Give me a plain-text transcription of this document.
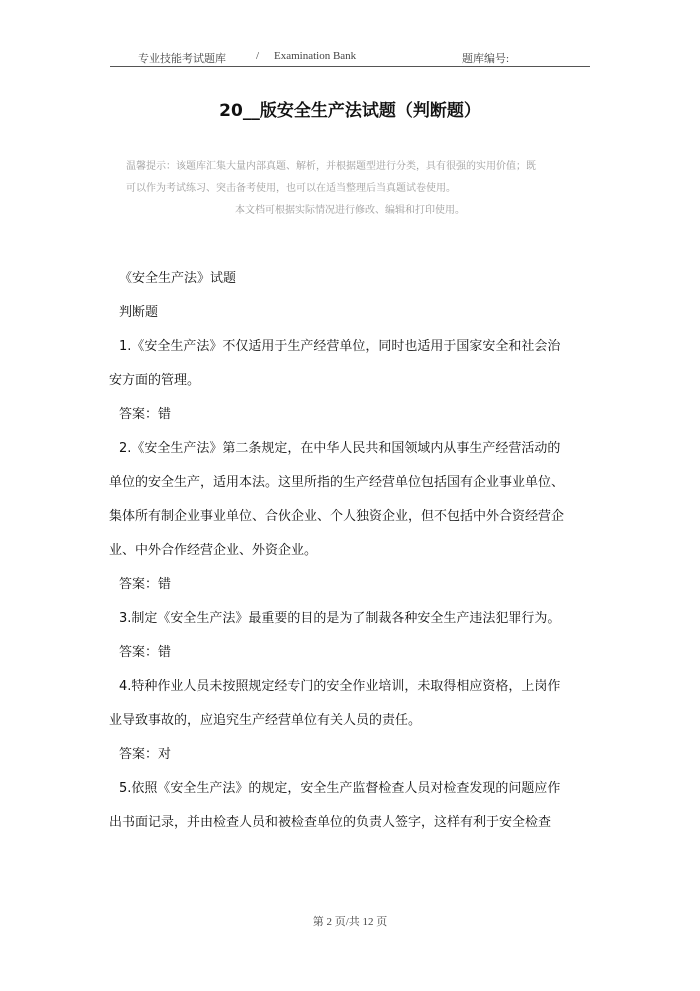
专业技能考试题库	/ Examination Bank	题库编号:
20__版安全生产法试题（判断题）

温馨提示：该题库汇集大量内部真题、解析，并根据题型进行分类，具有很强的实用价值；既

可以作为考试练习、突击备考使用，也可以在适当整理后当真题试卷使用。

本文档可根据实际情况进行修改、编辑和打印使用。

《安全生产法》试题

判断题

1.《安全生产法》不仅适用于生产经营单位，同时也适用于国家安全和社会治

安方面的管理。

答案：错

2.《安全生产法》第二条规定，在中华人民共和国领域内从事生产经营活动的

单位的安全生产，适用本法。这里所指的生产经营单位包括国有企业事业单位、

集体所有制企业事业单位、合伙企业、个人独资企业，但不包括中外合资经营企

业、中外合作经营企业、外资企业。

答案：错

3.制定《安全生产法》最重要的目的是为了制裁各种安全生产违法犯罪行为。

答案：错

4.特种作业人员未按照规定经专门的安全作业培训，未取得相应资格，上岗作

业导致事故的，应追究生产经营单位有关人员的责任。

答案：对

5.依照《安全生产法》的规定，安全生产监督检查人员对检查发现的问题应作

出书面记录，并由检查人员和被检查单位的负责人签字，这样有利于安全检查

第 2 页/共 12 页
